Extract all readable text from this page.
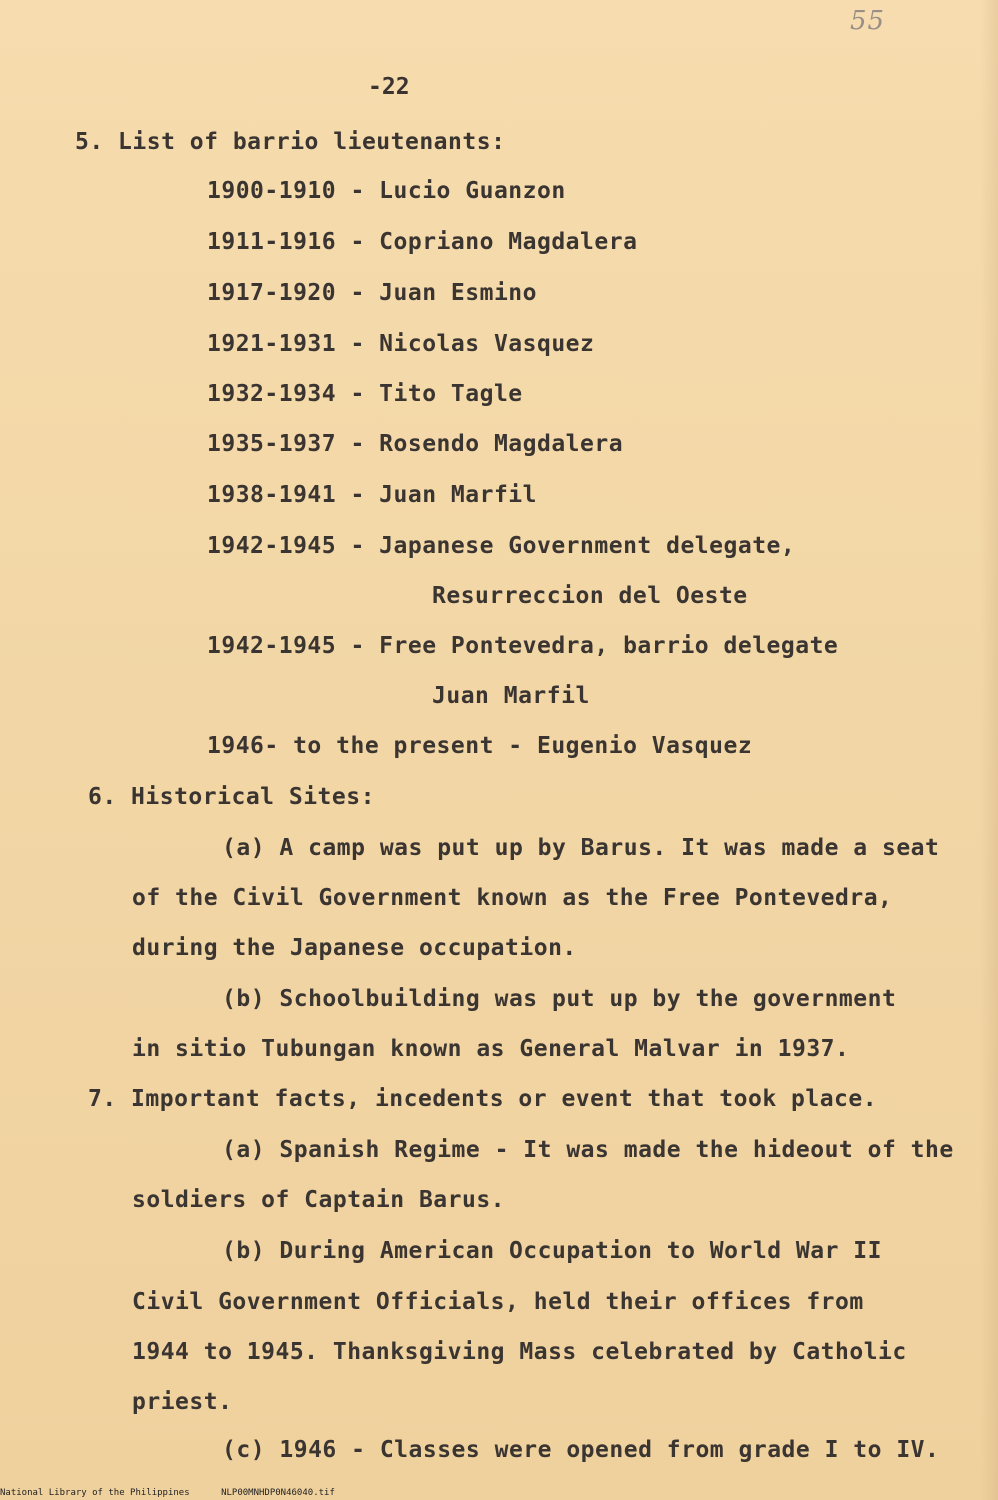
55
-22
5. List of barrio lieutenants:
1900-1910 - Lucio Guanzon
1911-1916 - Copriano Magdalera
1917-1920 - Juan Esmino
1921-1931 - Nicolas Vasquez
1932-1934 - Tito Tagle
1935-1937 - Rosendo Magdalera
1938-1941 - Juan Marfil
1942-1945 - Japanese Government delegate,
Resurreccion del Oeste
1942-1945 - Free Pontevedra, barrio delegate
Juan Marfil
1946- to the present - Eugenio Vasquez
6. Historical Sites:
(a) A camp was put up by Barus. It was made a seat
of the Civil Government known as the Free Pontevedra,
during the Japanese occupation.
(b) Schoolbuilding was put up by the government
in sitio Tubungan known as General Malvar in 1937.
7. Important facts, incedents or event that took place.
(a) Spanish Regime - It was made the hideout of the
soldiers of Captain Barus.
(b) During American Occupation to World War II
Civil Government Officials, held their offices from
1944 to 1945. Thanksgiving Mass celebrated by Catholic
priest.
(c) 1946 - Classes were opened from grade I to IV.
National Library of the Philippines	NLP00MNHDP0N46040.tif
